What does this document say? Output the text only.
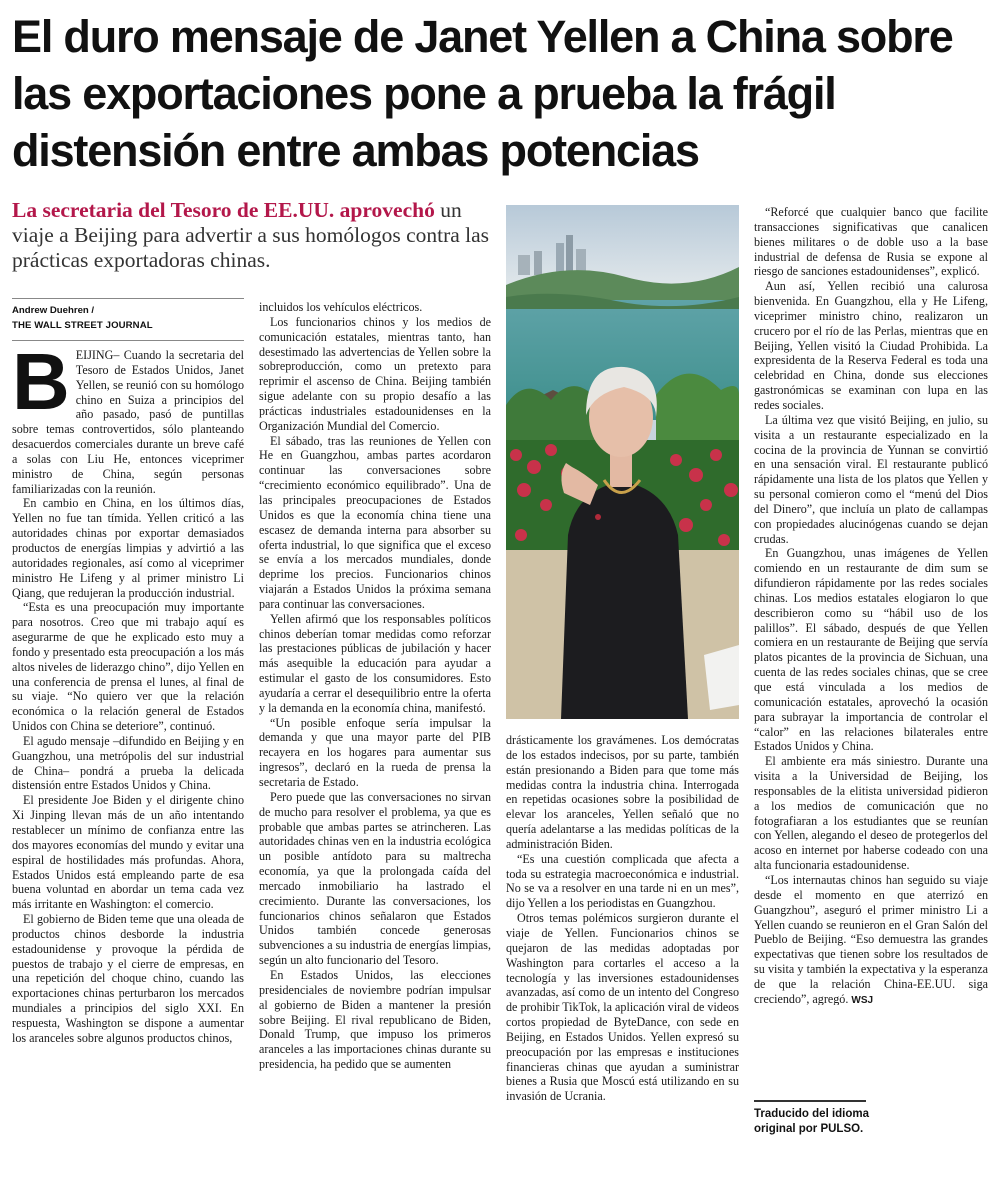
El duro mensaje de Janet Yellen a China sobre las exportaciones pone a prueba la frágil distensión entre ambas potencias

La secretaria del Tesoro de EE.UU. aprovechó un viaje a Beijing para advertir a sus homólogos contra las prácticas exportadoras chinas.

Andrew Duehren /
THE WALL STREET JOURNAL

BEIJING– Cuando la secretaria del Tesoro de Estados Unidos, Janet Yellen, se reunió con su homólogo chino en Suiza a principios del año pasado, pasó de puntillas sobre temas controvertidos, sólo planteando desacuerdos comerciales durante un breve café a solas con Liu He, entonces viceprimer ministro de China, según personas familiarizadas con la reunión.

En cambio en China, en los últimos días, Yellen no fue tan tímida. Yellen criticó a las autoridades chinas por exportar demasiados productos de energías limpias y advirtió a las autoridades regionales, así como al viceprimer ministro He Lifeng y al primer ministro Li Qiang, que redujeran la producción industrial.

“Esta es una preocupación muy importante para nosotros. Creo que mi trabajo aquí es asegurarme de que he explicado esto muy a fondo y presentado esta preocupación a los más altos niveles de liderazgo chino”, dijo Yellen en una conferencia de prensa el lunes, al final de su viaje. “No quiero ver que la relación económica o la relación general de Estados Unidos con China se deteriore”, continuó.

El agudo mensaje –difundido en Beijing y en Guangzhou, una metrópolis del sur industrial de China– pondrá a prueba la delicada distensión entre Estados Unidos y China.

El presidente Joe Biden y el dirigente chino Xi Jinping llevan más de un año intentando restablecer un mínimo de confianza entre las dos mayores economías del mundo y evitar una espiral de hostilidades más profundas. Ahora, Estados Unidos está empleando parte de esa buena voluntad en abordar un tema cada vez más irritante en Washington: el comercio.

El gobierno de Biden teme que una oleada de productos chinos desborde la industria estadounidense y provoque la pérdida de puestos de trabajo y el cierre de empresas, en una repetición del choque chino, cuando las exportaciones chinas perturbaron los mercados mundiales a principios del siglo XXI. En respuesta, Washington se dispone a aumentar los aranceles sobre algunos productos chinos,

incluidos los vehículos eléctricos.

Los funcionarios chinos y los medios de comunicación estatales, mientras tanto, han desestimado las advertencias de Yellen sobre la sobreproducción, como un pretexto para reprimir el ascenso de China. Beijing también sigue adelante con su propio desafío a las prácticas industriales estadounidenses en la Organización Mundial del Comercio.

El sábado, tras las reuniones de Yellen con He en Guangzhou, ambas partes acordaron continuar las conversaciones sobre “crecimiento económico equilibrado”. Una de las principales preocupaciones de Estados Unidos es que la economía china tiene una escasez de demanda interna para absorber su oferta industrial, lo que significa que el exceso se envía a los mercados mundiales, donde deprime los precios. Funcionarios chinos viajarán a Estados Unidos la próxima semana para continuar las conversaciones.

Yellen afirmó que los responsables políticos chinos deberían tomar medidas como reforzar las prestaciones públicas de jubilación y hacer más asequible la educación para ayudar a estimular el gasto de los consumidores. Esto ayudaría a cerrar el desequilibrio entre la oferta y la demanda en la economía china, manifestó.

“Un posible enfoque sería impulsar la demanda y que una mayor parte del PIB recayera en los hogares para aumentar sus ingresos”, declaró en la rueda de prensa la secretaria de Estado.

Pero puede que las conversaciones no sirvan de mucho para resolver el problema, ya que es probable que ambas partes se atrincheren. Las autoridades chinas ven en la industria ecológica un posible antídoto para su maltrecha economía, ya que la prolongada caída del mercado inmobiliario ha lastrado el crecimiento. Durante las conversaciones, los funcionarios chinos señalaron que Estados Unidos también concede generosas subvenciones a su industria de energías limpias, según un alto funcionario del Tesoro.

En Estados Unidos, las elecciones presidenciales de noviembre podrían impulsar al gobierno de Biden a mantener la presión sobre Beijing. El rival republicano de Biden, Donald Trump, que impuso los primeros aranceles a las importaciones chinas durante su presidencia, ha pedido que se aumenten

drásticamente los gravámenes. Los demócratas de los estados indecisos, por su parte, también están presionando a Biden para que tome más medidas contra la industria china. Interrogada en repetidas ocasiones sobre la posibilidad de elevar los aranceles, Yellen señaló que no quería adelantarse a las medidas políticas de la administración Biden.

“Es una cuestión complicada que afecta a toda su estrategia macroeconómica e industrial. No se va a resolver en una tarde ni en un mes”, dijo Yellen a los periodistas en Guangzhou.

Otros temas polémicos surgieron durante el viaje de Yellen. Funcionarios chinos se quejaron de las medidas adoptadas por Washington para cortarles el acceso a la tecnología y las inversiones estadounidenses avanzadas, así como de un intento del Congreso de prohibir TikTok, la aplicación viral de videos cortos propiedad de ByteDance, con sede en Beijing, en Estados Unidos. Yellen expresó su preocupación por las empresas e instituciones financieras chinas que ayudan a suministrar bienes a Rusia que Moscú está utilizando en su invasión de Ucrania.

“Reforcé que cualquier banco que facilite transacciones significativas que canalicen bienes militares o de doble uso a la base industrial de defensa de Rusia se expone al riesgo de sanciones estadounidenses”, explicó.

Aun así, Yellen recibió una calurosa bienvenida. En Guangzhou, ella y He Lifeng, viceprimer ministro chino, realizaron un crucero por el río de las Perlas, mientras que en Beijing, Yellen visitó la Ciudad Prohibida. La expresidenta de la Reserva Federal es toda una celebridad en China, donde sus elecciones gastronómicas se examinan con lupa en las redes sociales.

La última vez que visitó Beijing, en julio, su visita a un restaurante especializado en la cocina de la provincia de Yunnan se convirtió en una sensación viral. El restaurante publicó rápidamente una lista de los platos que Yellen y su personal comieron como el “menú del Dios del Dinero”, que incluía un plato de callampas con propiedades alucinógenas cuando se dejan crudas.

En Guangzhou, unas imágenes de Yellen comiendo en un restaurante de dim sum se difundieron rápidamente por las redes sociales chinas. Los medios estatales elogiaron lo que describieron como su “hábil uso de los palillos”. El sábado, después de que Yellen comiera en un restaurante de Beijing que servía platos picantes de la provincia de Sichuan, una cuenta de las redes sociales chinas, que se cree que está vinculada a los medios de comunicación estatales, aprovechó la ocasión para subrayar la importancia de controlar el “calor” en las relaciones bilaterales entre Estados Unidos y China.

El ambiente era más siniestro. Durante una visita a la Universidad de Beijing, los responsables de la elitista universidad pidieron a los medios de comunicación que no fotografiaran a los estudiantes que se reunían con Yellen, alegando el deseo de protegerlos del acoso en internet por haberse codeado con una alta funcionaria estadounidense.

“Los internautas chinos han seguido su viaje desde el momento en que aterrizó en Guangzhou”, aseguró el primer ministro Li a Yellen cuando se reunieron en el Gran Salón del Pueblo de Beijing. “Eso demuestra las grandes expectativas que tienen sobre los resultados de su visita y también la expectativa y la esperanza de que la relación China-EE.UU. siga creciendo”, agregó. WSJ

Traducido del idioma
original por PULSO.
